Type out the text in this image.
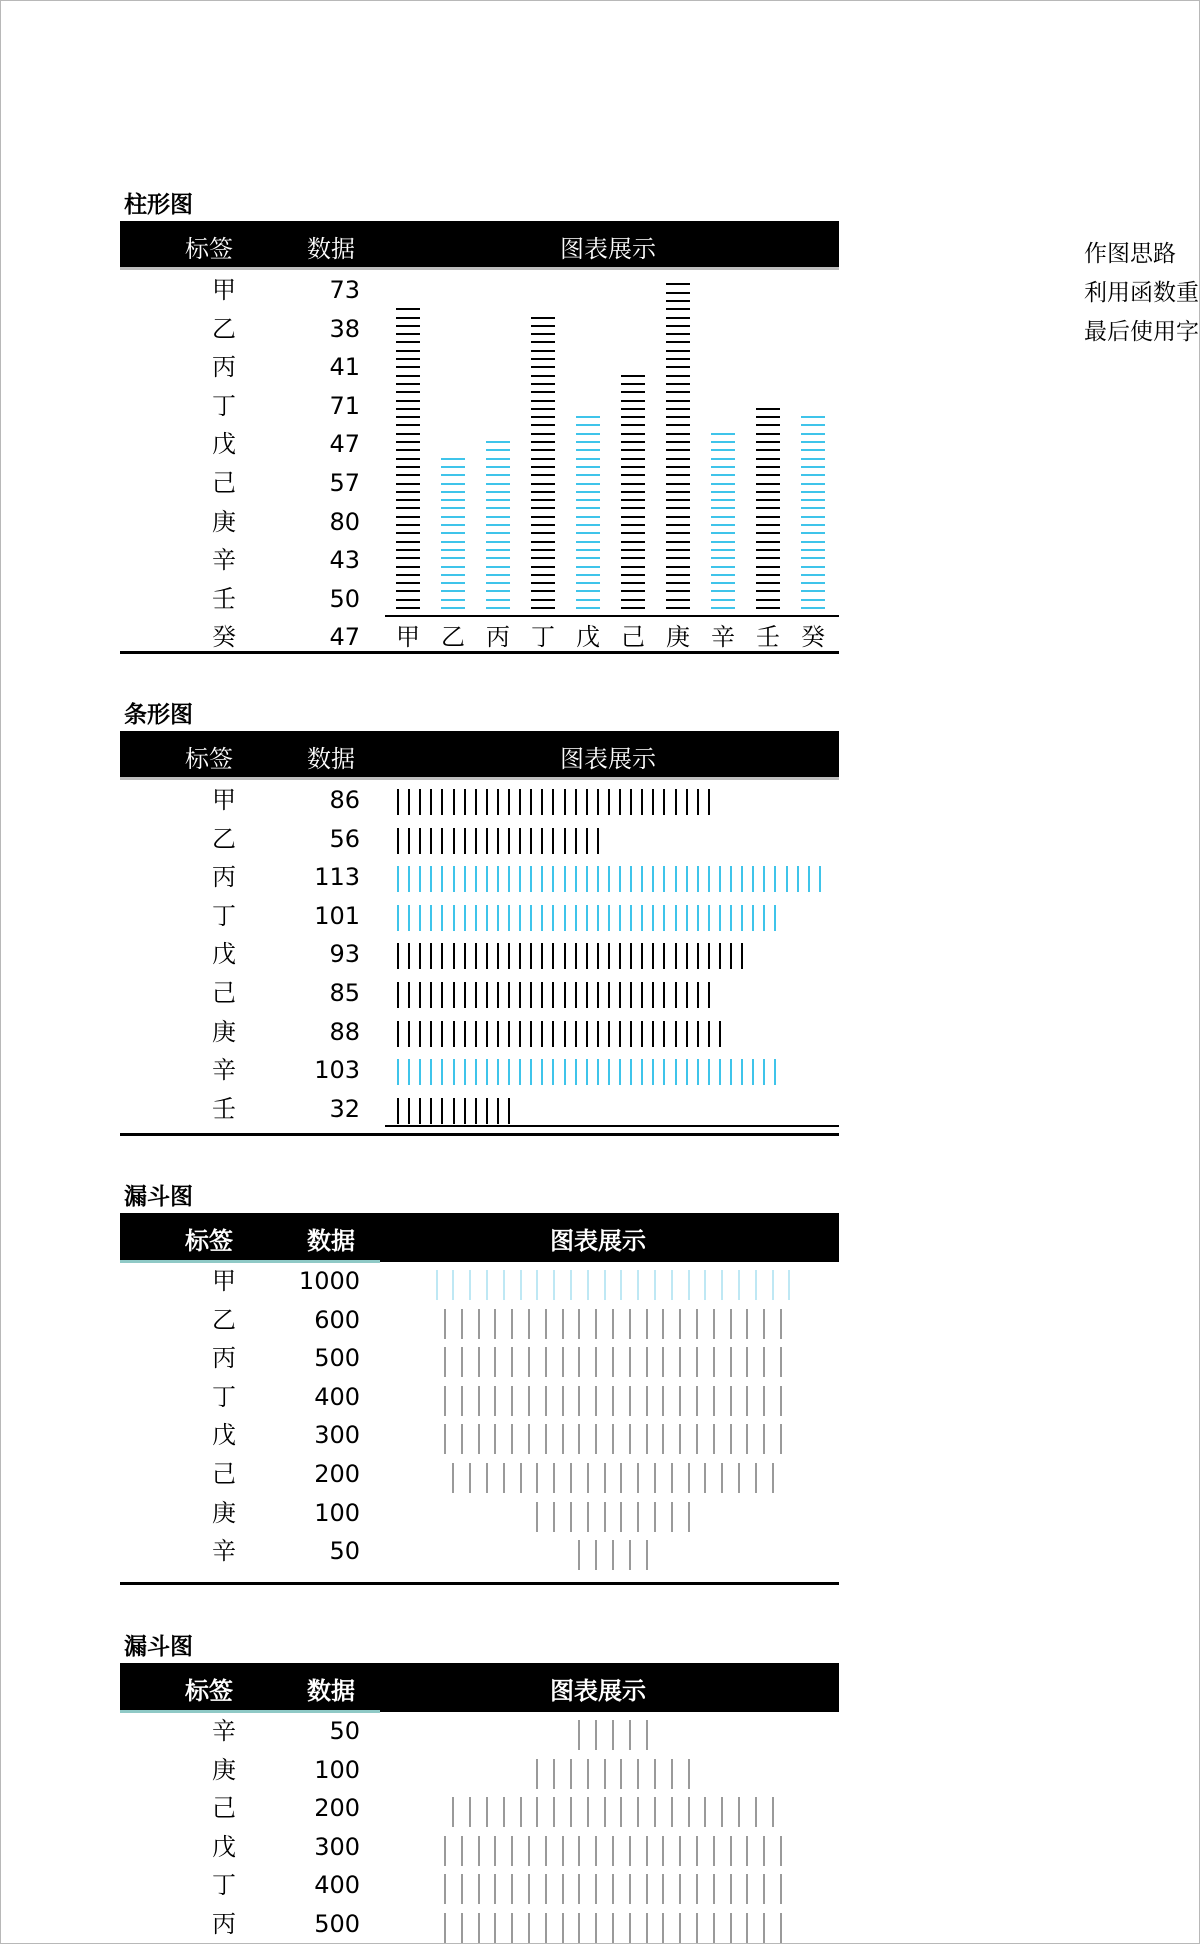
作图思路
利用函数重
最后使用字
柱形图
标签	数据	图表展示
甲	73
乙	38
丙	41
丁	71
戊	47
己	57
庚	80
辛	43
壬	50
癸	47	甲 乙 丙 丁 戊 己 庚 辛 壬 癸
条形图
标签	数据	图表展示
甲	86
乙	56
丙	113
丁	101
戊	93
己	85
庚	88
辛	103
壬	32
漏斗图
标签	数据	图表展示
甲	1000
乙	600
丙	500
丁	400
戊	300
己	200
庚	100
辛	50
漏斗图
标签	数据	图表展示
辛	50
庚	100
己	200
戊	300
丁	400
丙	500
